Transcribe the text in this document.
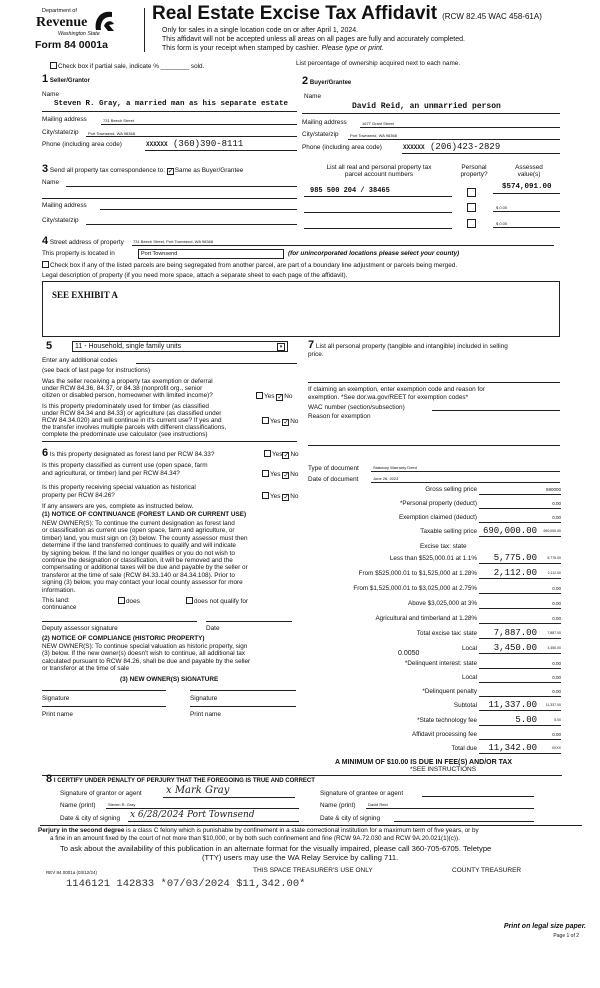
Department of
Revenue
Washington State
Form 84 0001a
Real Estate Excise Tax Affidavit (RCW 82.45 WAC 458-61A)
Only for sales in a single location code on or after April 1, 2024.
This affidavit will not be accepted unless all areas on all pages are fully and accurately completed.
This form is your receipt when stamped by cashier. Please type or print.
Check box if partial sale, indicate % ________ sold.	List percentage of ownership acquired next to each name.
1 Seller/Grantor
Name
Steven R. Gray, a married man as his separate estate
Mailing address	731 Beech Street
City/state/zip Port Townsend, WA 98368
Phone (including area code)	XXXXXX (360)390-8111
2 Buyer/Grantee
Name
David Reid, an unmarried person
Mailing address	1677 Grant Street
City/state/zip	Port Townsend, WA 98368
Phone (including area code)	XXXXXX (206)423-2829
3 Send all property tax correspondence to: ✓Same as Buyer/Grantee
Name
Mailing address
City/state/zip
List all real and personal property tax
parcel account numbers
Personal
property?
Assessed
value(s)
985 500 204 / 38465	$574,091.00
$ 0.00
$ 0.00
4 Street address of property 731 Beech Street, Port Townsend, WA 98368
This property is located in	Port Townsend	(for unincorporated locations please select your county)
Check box if any of the listed parcels are being segregated from another parcel, are part of a boundary line adjustment or parcels being merged.
Legal description of property (if you need more space, attach a separate sheet to each page of the affidavit).
SEE EXHIBIT A
5	11 - Household, single family units	▾
Enter any additional codes
(see back of last page for instructions)
Was the seller receiving a property tax exemption or deferral
under RCW 84.36, 84.37, or 84.38 (nonprofit org., senior
citizen or disabled person, homeowner with limited income)?	Yes ✓No
Is this property predominately used for timber (as classified
under RCW 84.34 and 84.33) or agriculture (as classified under
RCW 84.34.020) and will continue in it's current use? If yes and
the transfer involves multiple parcels with different classifications,
complete the predominate use calculator (see instructions)
Yes ✓No
6 Is this property designated as forest land per RCW 84.33?	Yes✓No
Is this property classified as current use (open space, farm
and agricultural, or timber) land per RCW 84.34?	Yes ✓No
Is this property receiving special valuation as historical
property per RCW 84.26?	Yes ✓No
If any answers are yes, complete as instructed below.
(1) NOTICE OF CONTINUANCE (FOREST LAND OR CURRENT USE)
NEW OWNER(S): To continue the current designation as forest land
or classification as current use (open space, farm and agriculture, or
timber) land, you must sign on (3) below. The county assessor must then
determine if the land transferred continues to qualify and will indicate
by signing below. If the land no longer qualifies or you do not wish to
continue the designation or classification, it will be removed and the
compensating or additional taxes will be due and payable by the seller or
transferor at the time of sale (RCW 84.33.140 or 84.34.108). Prior to
signing (3) below, you may contact your local county assessor for more
information.
This land:
continuance
does	does not qualify for
Deputy assessor signature	Date
(2) NOTICE OF COMPLIANCE (HISTORIC PROPERTY)
NEW OWNER(S): To continue special valuation as historic property, sign
(3) below. If the new owner(s) doesn't wish to continue, all additional tax
calculated pursuant to RCW 84.26, shall be due and payable by the seller
or transferor at the time of sale
(3) NEW OWNER(S) SIGNATURE
Signature	Signature
Print name	Print name
7 List all personal property (tangible and intangible) included in selling
price.
If claiming an exemption, enter exemption code and reason for
exemption. *See dor.wa.gov/REET for exemption codes*
WAC number (section/subsection)
Reason for exemption
Type of document	Statutory Warranty Deed
Date of document	June 26, 2024
Gross selling price	690000
*Personal property (deduct)	0.00
Exemption claimed (deduct)	0.00
Taxable selling price 690,000.00 690,000.00
Less than $525,000.01 at 1.1% 5,775.00	5,775.00
From $525,000.01 to $1,525,000 at 1.28% 2,112.00	2,112.00
From $1,525,000.01 to $3,025,000 at 2.75%	0.00
Above $3,025,000 at 3%	0.00
Agricultural and timberland at 1.28%	0.00
Total excise tax: state 7,887.00	7,887.00
Local 3,450.00	3,450.00
*Delinquent interest: state	0.00
Local	0.00
*Delinquent penalty	0.00
Subtotal 11,337.00 11,337.00
*State technology fee	5.00	5.00
Affidavit processing fee	0.00
Total due 11,342.00	XXXX
Excise tax: state
0.0050
A MINIMUM OF $10.00 IS DUE IN FEE(S) AND/OR TAX
*SEE INSTRUCTIONS
8 I CERTIFY UNDER PENALTY OF PERJURY THAT THE FOREGOING IS TRUE AND CORRECT
Signature of grantor or agent x Mark Gray
Name (print)	Steven R. Gray
Date & city of signing x 6/28/2024 Port Townsend
Signature of grantee or agent
Name (print)	David Reid
Date & city of signing
Perjury in the second degree is a class C felony which is punishable by confinement in a state correctional institution for a maximum term of five years, or by
a fine in an amount fixed by the court of not more than $10,000, or by both such confinement and fine (RCW 9A.72.030 and RCW 9A.20.021(1)(c)).
To ask about the availability of this publication in an alternate format for the visually impaired, please call 360-705-6705. Teletype
(TTY) users may use the WA Relay Service by calling 711.
REV 84 0001a (03/12/24)	THIS SPACE TREASURER'S USE ONLY	COUNTY TREASURER
1146121 142833 *07/03/2024 $11,342.00*
Print on legal size paper.
Page 1 of 2
